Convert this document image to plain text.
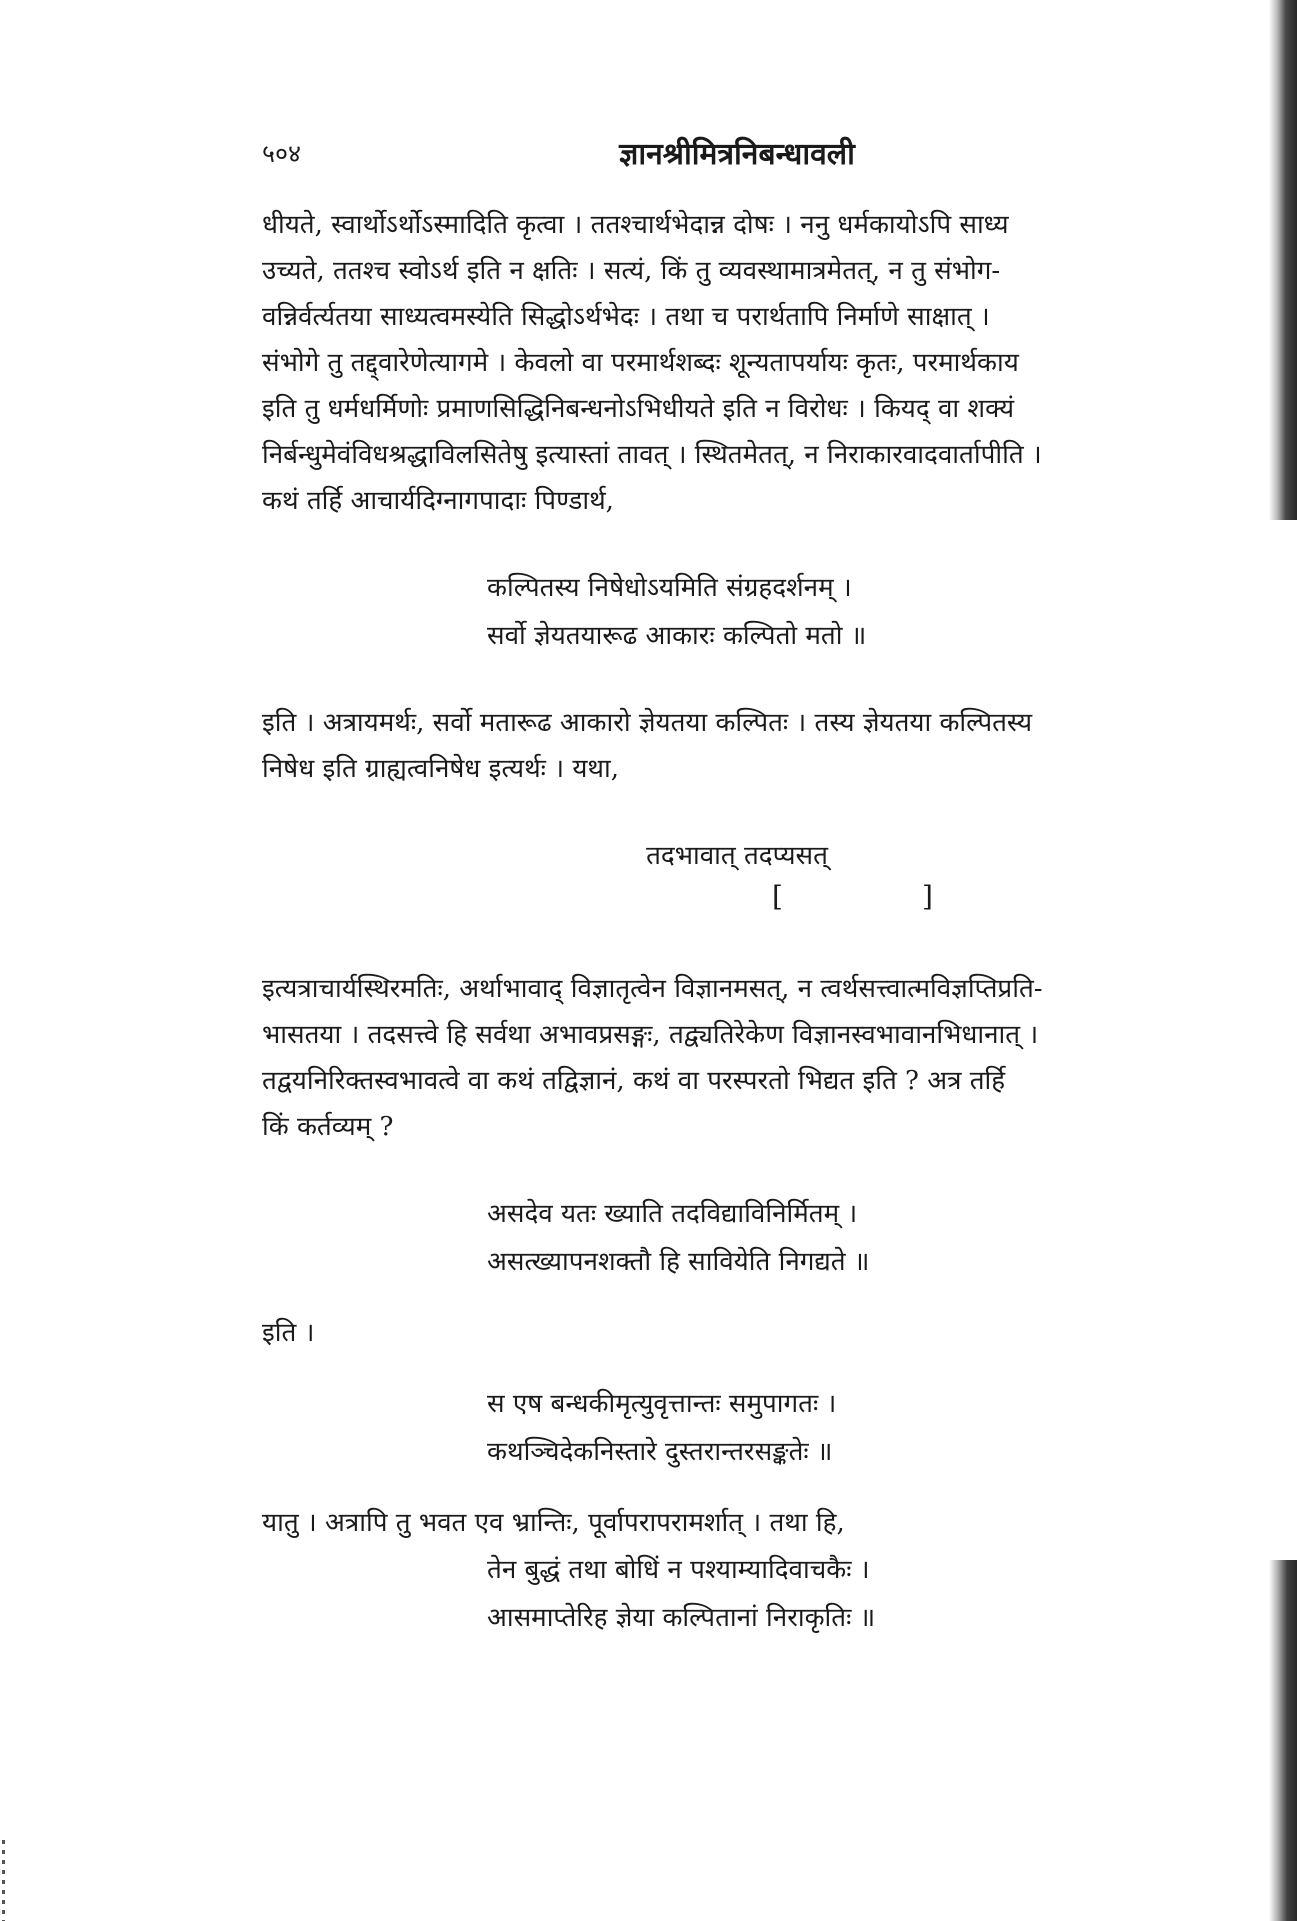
५०४	ज्ञानश्रीमित्रनिबन्धावली

धीयते, स्वार्थोऽर्थोऽस्मादिति कृत्वा । ततश्चार्थभेदान्न दोषः । ननु धर्मकायोऽपि साध्य
उच्यते, ततश्च स्वोऽर्थ इति न क्षतिः । सत्यं, किं तु व्यवस्थामात्रमेतत्, न तु संभोग-
वन्निर्वर्त्यतया साध्यत्वमस्येति सिद्धोऽर्थभेदः । तथा च परार्थतापि निर्माणे साक्षात् ।
संभोगे तु तद्द्वारेणेत्यागमे । केवलो वा परमार्थशब्दः शून्यतापर्यायः कृतः, परमार्थकाय
इति तु धर्मधर्मिणोः प्रमाणसिद्धिनिबन्धनोऽभिधीयते इति न विरोधः । कियद् वा शक्यं
निर्बन्धुमेवंविधश्रद्धाविलसितेषु इत्यास्तां तावत् । स्थितमेतत्, न निराकारवादवार्तापीति ।
कथं तर्हि आचार्यदिग्नागपादाः पिण्डार्थ,

कल्पितस्य निषेधोऽयमिति संग्रहदर्शनम् ।
सर्वो ज्ञेयतयारूढ आकारः कल्पितो मतो ॥

इति । अत्रायमर्थः, सर्वो मतारूढ आकारो ज्ञेयतया कल्पितः । तस्य ज्ञेयतया कल्पितस्य
निषेध इति ग्राह्यत्वनिषेध इत्यर्थः । यथा,

तदभावात् तदप्यसत्
[	]

इत्यत्राचार्यस्थिरमतिः, अर्थाभावाद् विज्ञातृत्वेन विज्ञानमसत्, न त्वर्थसत्त्वात्मविज्ञप्तिप्रति-
भासतया । तदसत्त्वे हि सर्वथा अभावप्रसङ्गः, तद्व्यतिरेकेण विज्ञानस्वभावानभिधानात् ।
तद्वयनिरिक्तस्वभावत्वे वा कथं तद्विज्ञानं, कथं वा परस्परतो भिद्यत इति ? अत्र तर्हि
किं कर्तव्यम् ?

असदेव यतः ख्याति तदविद्याविनिर्मितम् ।
असत्ख्यापनशक्तौ हि सावियेति निगद्यते ॥

इति ।

स एष बन्धकीमृत्युवृत्तान्तः समुपागतः ।
कथञ्चिदेकनिस्तारे दुस्तरान्तरसङ्कतेः ॥

यातु । अत्रापि तु भवत एव भ्रान्तिः, पूर्वापरापरामर्शात् । तथा हि,

तेन बुद्धं तथा बोधिं न पश्याम्यादिवाचकैः ।
आसमाप्तेरिह ज्ञेया कल्पितानां निराकृतिः ॥
